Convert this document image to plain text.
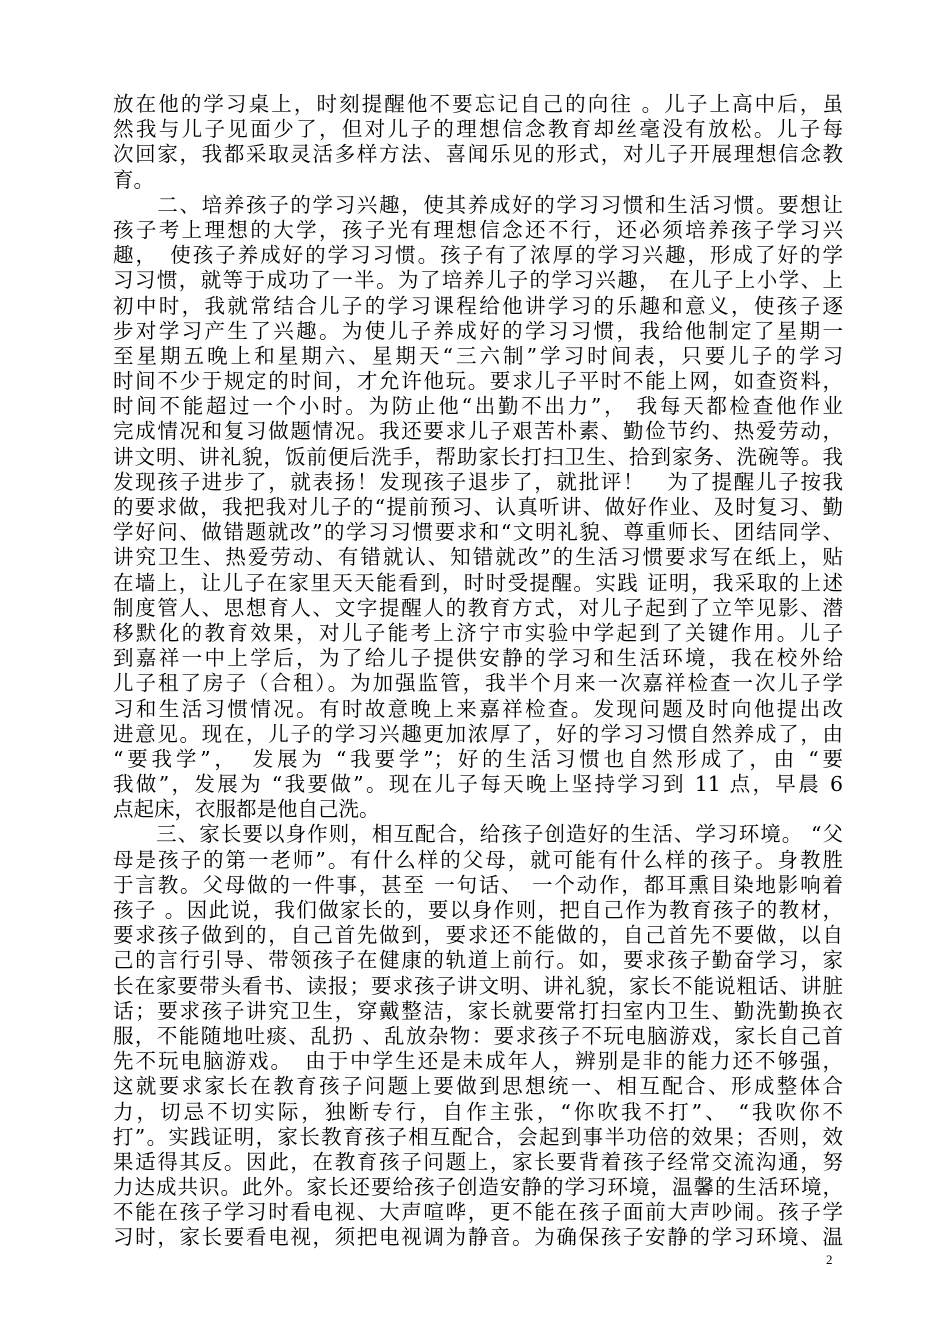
放在他的学习桌上，时刻提醒他不要忘记自己的向往 。儿子上高中后，虽
然我与儿子见面少了，但对儿子的理想信念教育却丝毫没有放松。儿子每
次回家，我都采取灵活多样方法、喜闻乐见的形式，对儿子开展理想信念教
育。
　　二、培养孩子的学习兴趣，使其养成好的学习习惯和生活习惯。要想让
孩子考上理想的大学，孩子光有理想信念还不行，还必须培养孩子学习兴
趣，　使孩子养成好的学习习惯。孩子有了浓厚的学习兴趣，形成了好的学
习习惯，就等于成功了一半。为了培养儿子的学习兴趣， 在儿子上小学、上
初中时，我就常结合儿子的学习课程给他讲学习的乐趣和意义，使孩子逐
步对学习产生了兴趣。为使儿子养成好的学习习惯，我给他制定了星期一
至星期五晚上和星期六、星期天“三六制”学习时间表，只要儿子的学习
时间不少于规定的时间，才允许他玩。要求儿子平时不能上网，如查资料，
时间不能超过一个小时。为防止他“出勤不出力”， 我每天都检查他作业
完成情况和复习做题情况。我还要求儿子艰苦朴素、勤俭节约、热爱劳动，
讲文明、讲礼貌，饭前便后洗手，帮助家长打扫卫生、拾到家务、洗碗等。我
发现孩子进步了，就表扬！发现孩子退步了，就批评！　为了提醒儿子按我
的要求做，我把我对儿子的“提前预习、认真听讲、做好作业、及时复习、勤
学好问、做错题就改”的学习习惯要求和“文明礼貌、尊重师长、团结同学、
讲究卫生、热爱劳动、有错就认、知错就改”的生活习惯要求写在纸上，贴
在墙上，让儿子在家里天天能看到，时时受提醒。实践 证明，我采取的上述
制度管人、思想育人、文字提醒人的教育方式，对儿子起到了立竿见影、潜
移默化的教育效果，对儿子能考上济宁市实验中学起到了关键作用。儿子
到嘉祥一中上学后，为了给儿子提供安静的学习和生活环境，我在校外给
儿子租了房子（合租）。为加强监管，我半个月来一次嘉祥检查一次儿子学
习和生活习惯情况。有时故意晚上来嘉祥检查。发现问题及时向他提出改
进意见。现在，儿子的学习兴趣更加浓厚了，好的学习习惯自然养成了，由
“要我学”，　发展为 “我要学”；好的生活习惯也自然形成了，由 “要
我做”，发展为 “我要做”。现在儿子每天晚上坚持学习到 11 点，早晨 6
点起床，衣服都是他自己洗。
　　三、家长要以身作则，相互配合，给孩子创造好的生活、学习环境。 “父
母是孩子的第一老师”。有什么样的父母，就可能有什么样的孩子。身教胜
于言教。父母做的一件事，甚至 一句话、 一个动作，都耳熏目染地影响着
孩子 。因此说，我们做家长的，要以身作则，把自己作为教育孩子的教材，
要求孩子做到的，自己首先做到，要求还不能做的，自己首先不要做，以自
己的言行引导、带领孩子在健康的轨道上前行。如，要求孩子勤奋学习，家
长在家要带头看书、读报；要求孩子讲文明、讲礼貌，家长不能说粗话、讲脏
话；要求孩子讲究卫生，穿戴整洁，家长就要常打扫室内卫生、勤洗勤换衣
服，不能随地吐痰、乱扔 、乱放杂物：要求孩子不玩电脑游戏，家长自己首
先不玩电脑游戏。　由于中学生还是未成年人，辨别是非的能力还不够强，
这就要求家长在教育孩子问题上要做到思想统一、相互配合、形成整体合
力，切忌不切实际，独断专行，自作主张，“你吹我不打”、 “我吹你不
打”。实践证明，家长教育孩子相互配合，会起到事半功倍的效果；否则，效
果适得其反。因此，在教育孩子问题上，家长要背着孩子经常交流沟通，努
力达成共识。此外。家长还要给孩子创造安静的学习环境，温馨的生活环境，
不能在孩子学习时看电视、大声喧哗，更不能在孩子面前大声吵闹。孩子学
习时，家长要看电视，须把电视调为静音。为确保孩子安静的学习环境、温
2
